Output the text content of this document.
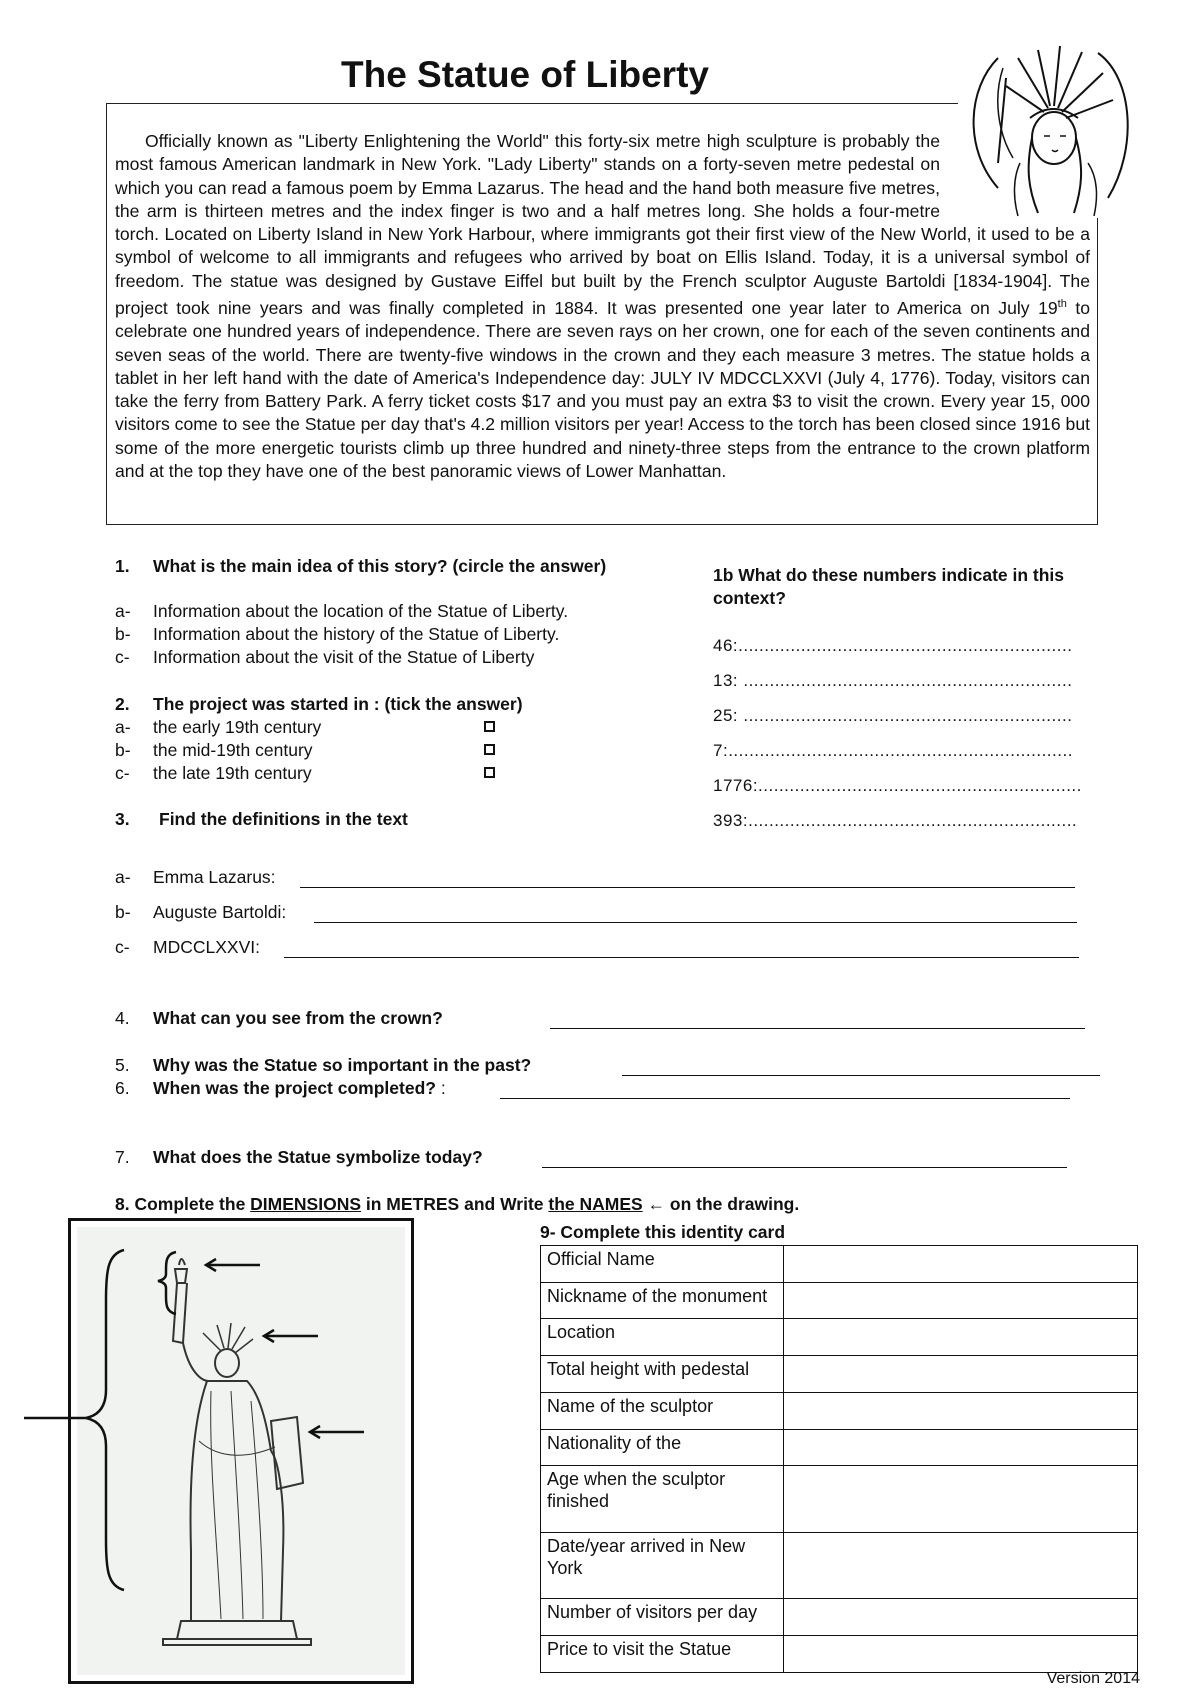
The Statue of Liberty

Officially known as "Liberty Enlightening the World" this forty-six metre high sculpture is probably the most famous American landmark in New York. "Lady Liberty" stands on a forty-seven metre pedestal on which you can read a famous poem by Emma Lazarus. The head and the hand both measure five metres, the arm is thirteen metres and the index finger is two and a half metres long. She holds a four-metre torch. Located on Liberty Island in New York Harbour, where immigrants got their first view of the New World, it used to be a symbol of welcome to all immigrants and refugees who arrived by boat on Ellis Island. Today, it is a universal symbol of freedom. The statue was designed by Gustave Eiffel but built by the French sculptor Auguste Bartoldi [1834-1904]. The project took nine years and was finally completed in 1884. It was presented one year later to America on July 19th to celebrate one hundred years of independence. There are seven rays on her crown, one for each of the seven continents and seven seas of the world. There are twenty-five windows in the crown and they each measure 3 metres. The statue holds a tablet in her left hand with the date of America's Independence day: JULY IV MDCCLXXVI (July 4, 1776). Today, visitors can take the ferry from Battery Park. A ferry ticket costs $17 and you must pay an extra $3 to visit the crown. Every year 15, 000 visitors come to see the Statue per day that's 4.2 million visitors per year! Access to the torch has been closed since 1916 but some of the more energetic tourists climb up three hundred and ninety-three steps from the entrance to the crown platform and at the top they have one of the best panoramic views of Lower Manhattan.

1. What is the main idea of this story? (circle the answer)
a- Information about the location of the Statue of Liberty.
b- Information about the history of the Statue of Liberty.
c- Information about the visit of the Statue of Liberty
1b What do these numbers indicate in this context?
46:................................................................
13: ...............................................................
25: ...............................................................
7:..................................................................
1776:..............................................................
393:...............................................................
2. The project was started in : (tick the answer)
a- the early 19th century
b- the mid-19th century
c- the late 19th century
3. Find the definitions in the text
a- Emma Lazarus:
b- Auguste Bartoldi:
c- MDCCLXXVI:
4. What can you see from the crown?
5. Why was the Statue so important in the past?
6. When was the project completed? :
7. What does the Statue symbolize today?
8. Complete the DIMENSIONS in METRES and Write the NAMES ← on the drawing.
9- Complete this identity card
Official Name	
Nickname of the monument	
Location	
Total height with pedestal	
Name of the sculptor	
Nationality of the	
Age when the sculptor finished	
Date/year arrived in New York	
Number of visitors per day	
Price to visit the Statue	
Version 2014
